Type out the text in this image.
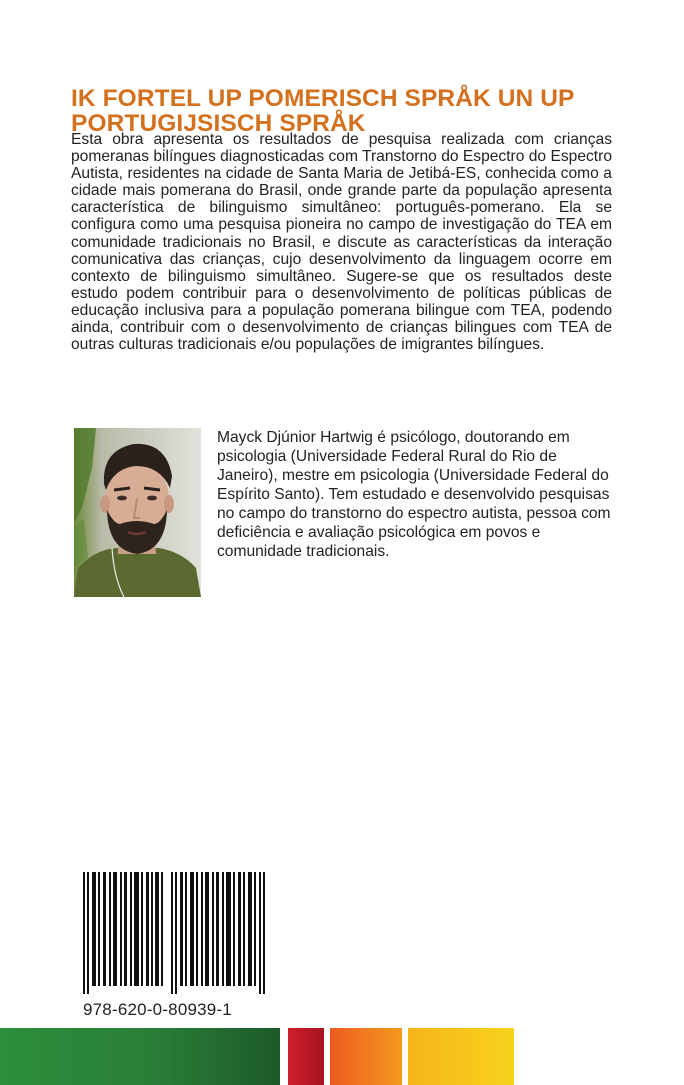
IK FORTEL UP POMERISCH SPRÅK UN UP
PORTUGIJSISCH SPRÅK

Esta obra apresenta os resultados de pesquisa realizada com crianças pomeranas bilíngues diagnosticadas com Transtorno do Espectro do Espectro Autista, residentes na cidade de Santa Maria de Jetibá-ES, conhecida como a cidade mais pomerana do Brasil, onde grande parte da população apresenta característica de bilinguismo simultâneo: português-pomerano. Ela se configura como uma pesquisa pioneira no campo de investigação do TEA em comunidade tradicionais no Brasil, e discute as características da interação comunicativa das crianças, cujo desenvolvimento da linguagem ocorre em contexto de bilinguismo simultâneo. Sugere-se que os resultados deste estudo podem contribuir para o desenvolvimento de políticas públicas de educação inclusiva para a população pomerana bilingue com TEA, podendo ainda, contribuir com o desenvolvimento de crianças bilingues com TEA de outras culturas tradicionais e/ou populações de imigrantes bilíngues.

Mayck Djúnior Hartwig é psicólogo, doutorando em psicologia (Universidade Federal Rural do Rio de Janeiro), mestre em psicologia (Universidade Federal do Espírito Santo). Tem estudado e desenvolvido pesquisas no campo do transtorno do espectro autista, pessoa com deficiência e avaliação psicológica em povos e comunidade tradicionais.

978-620-0-80939-1
